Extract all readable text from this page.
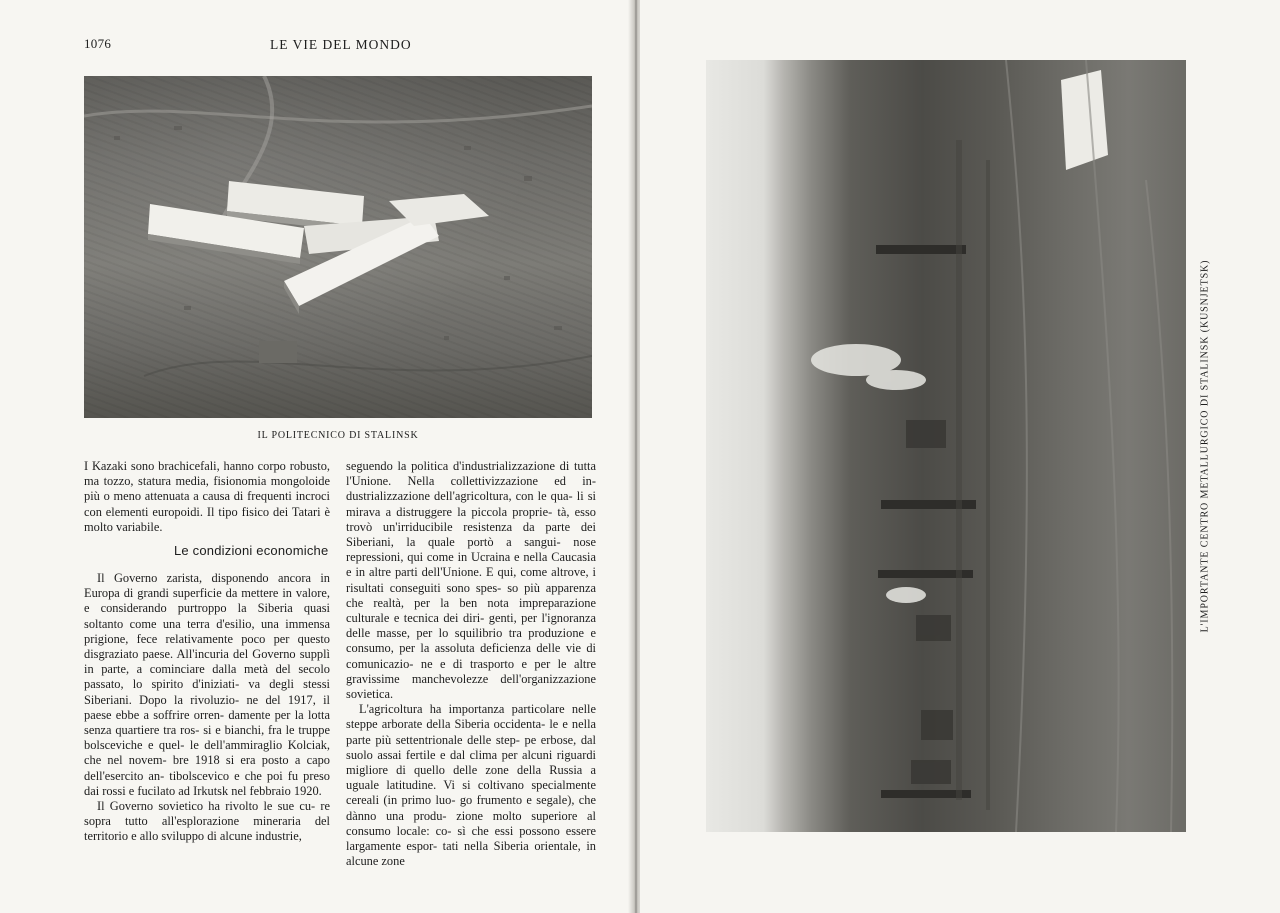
1076	LE VIE DEL MONDO
IL POLITECNICO DI STALINSK

I Kazaki sono brachicefali, hanno corpo robusto, ma tozzo, statura media, fisionomia mongoloide più o meno attenuata a causa di frequenti incroci con elementi europoidi. Il tipo fisico dei Tatari è molto variabile.

Le condizioni economiche

Il Governo zarista, disponendo ancora in Europa di grandi superficie da mettere in valore, e considerando purtroppo la Siberia quasi soltanto come una terra d'esilio, una immensa prigione, fece relativamente poco per questo disgraziato paese. All'incuria del Governo supplì in parte, a cominciare dalla metà del secolo passato, lo spirito d'iniziati- va degli stessi Siberiani. Dopo la rivoluzio- ne del 1917, il paese ebbe a soffrire orren- damente per la lotta senza quartiere tra ros- si e bianchi, fra le truppe bolsceviche e quel- le dell'ammiraglio Kolciak, che nel novem- bre 1918 si era posto a capo dell'esercito an- tibolscevico e che poi fu preso dai rossi e fucilato ad Irkutsk nel febbraio 1920.

Il Governo sovietico ha rivolto le sue cu- re sopra tutto all'esplorazione mineraria del territorio e allo sviluppo di alcune industrie,

seguendo la politica d'industrializzazione di tutta l'Unione. Nella collettivizzazione ed in- dustrializzazione dell'agricoltura, con le qua- li si mirava a distruggere la piccola proprie- tà, esso trovò un'irriducibile resistenza da parte dei Siberiani, la quale portò a sangui- nose repressioni, qui come in Ucraina e nella Caucasia e in altre parti dell'Unione. E qui, come altrove, i risultati conseguiti sono spes- so più apparenza che realtà, per la ben nota impreparazione culturale e tecnica dei diri- genti, per l'ignoranza delle masse, per lo squilibrio tra produzione e consumo, per la assoluta deficienza delle vie di comunicazio- ne e di trasporto e per le altre gravissime manchevolezze dell'organizzazione sovietica.

L'agricoltura ha importanza particolare nelle steppe arborate della Siberia occidenta- le e nella parte più settentrionale delle step- pe erbose, dal suolo assai fertile e dal clima per alcuni riguardi migliore di quello delle zone della Russia a uguale latitudine. Vi si coltivano specialmente cereali (in primo luo- go frumento e segale), che dànno una produ- zione molto superiore al consumo locale: co- sì che essi possono essere largamente espor- tati nella Siberia orientale, in alcune zone

L'IMPORTANTE CENTRO METALLURGICO DI STALINSK (KUSNJETSK)
